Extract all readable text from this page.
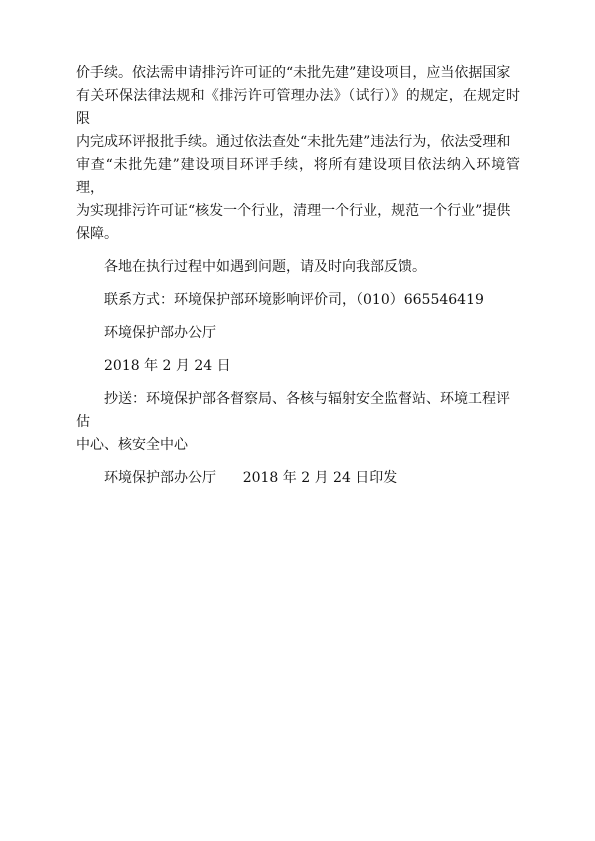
价手续。依法需申请排污许可证的“未批先建”建设项目，应当依据国家

有关环保法律法规和《排污许可管理办法》（试行）》的规定，在规定时限

内完成环评报批手续。通过依法查处“未批先建”违法行为，依法受理和

审查“未批先建”建设项目环评手续，将所有建设项目依法纳入环境管理，

为实现排污许可证“核发一个行业，清理一个行业，规范一个行业”提供

保障。

各地在执行过程中如遇到问题，请及时向我部反馈。

联系方式：环境保护部环境影响评价司，（010）665546419

环境保护部办公厅

2018 年 2 月 24 日

抄送：环境保护部各督察局、各核与辐射安全监督站、环境工程评估

中心、核安全中心

环境保护部办公厅      2018 年 2 月 24 日印发
